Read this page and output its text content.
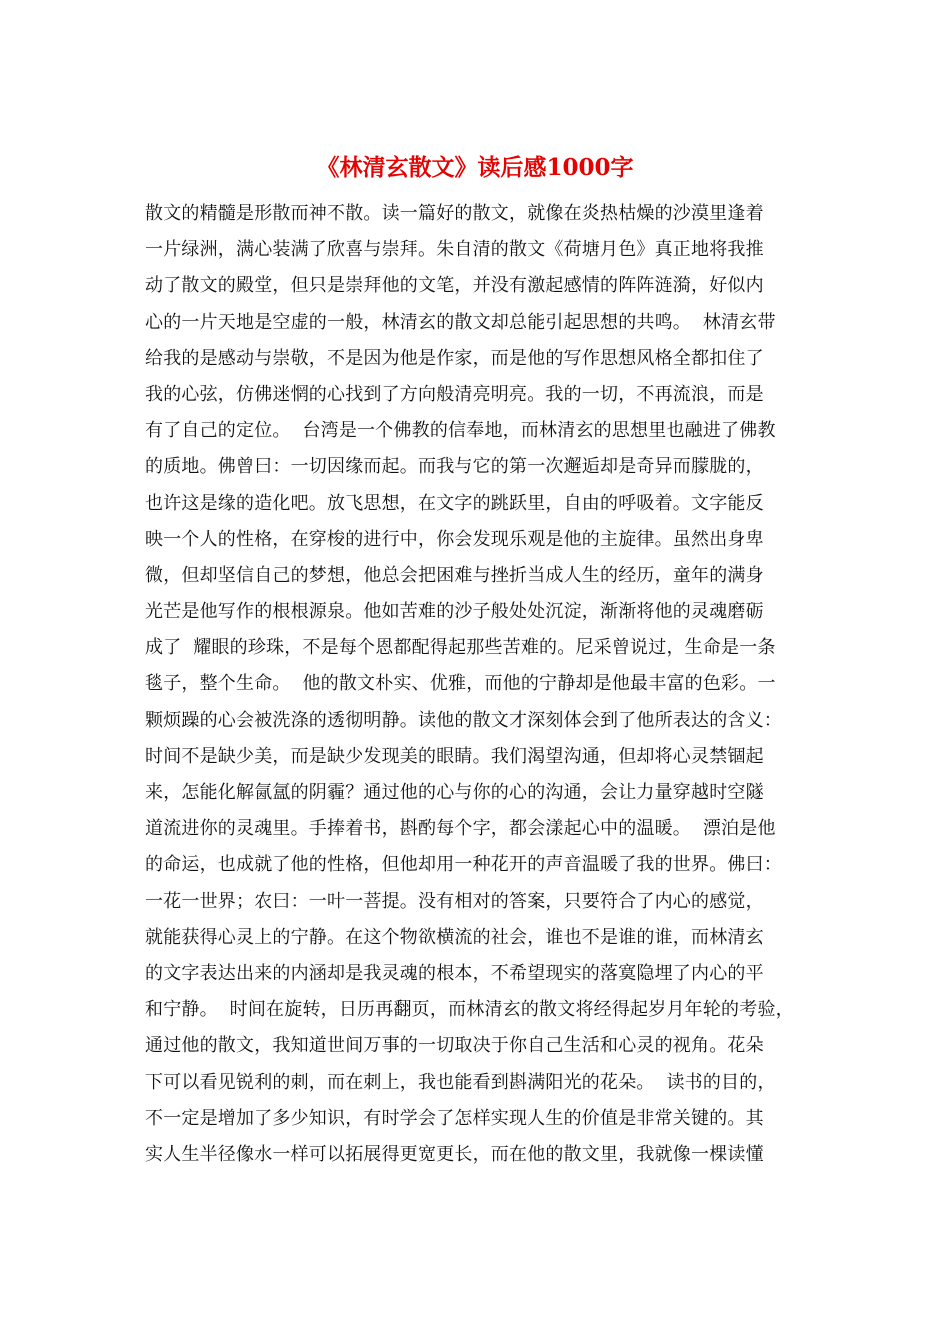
《林清玄散文》读后感1000字
散文的精髓是形散而神不散。读一篇好的散文，就像在炎热枯燥的沙漠里逢着
一片绿洲，满心装满了欣喜与崇拜。朱自清的散文《荷塘月色》真正地将我推
动了散文的殿堂，但只是崇拜他的文笔，并没有激起感情的阵阵涟漪，好似内
心的一片天地是空虚的一般，林清玄的散文却总能引起思想的共鸣。  林清玄带
给我的是感动与崇敬，不是因为他是作家，而是他的写作思想风格全都扣住了
我的心弦，仿佛迷惘的心找到了方向般清亮明亮。我的一切，不再流浪，而是
有了自己的定位。  台湾是一个佛教的信奉地，而林清玄的思想里也融进了佛教
的质地。佛曾曰：一切因缘而起。而我与它的第一次邂逅却是奇异而朦胧的，
也许这是缘的造化吧。放飞思想，在文字的跳跃里，自由的呼吸着。文字能反
映一个人的性格，在穿梭的进行中，你会发现乐观是他的主旋律。虽然出身卑
微，但却坚信自己的梦想，他总会把困难与挫折当成人生的经历，童年的满身
光芒是他写作的根根源泉。他如苦难的沙子般处处沉淀，渐渐将他的灵魂磨砺
成了  耀眼的珍珠，不是每个恩都配得起那些苦难的。尼采曾说过，生命是一条
毯子，整个生命。  他的散文朴实、优雅，而他的宁静却是他最丰富的色彩。一
颗烦躁的心会被洗涤的透彻明静。读他的散文才深刻体会到了他所表达的含义：
时间不是缺少美，而是缺少发现美的眼睛。我们渴望沟通，但却将心灵禁锢起
来，怎能化解氤氲的阴霾？通过他的心与你的心的沟通，会让力量穿越时空隧
道流进你的灵魂里。手捧着书，斟酌每个字，都会漾起心中的温暖。  漂泊是他
的命运，也成就了他的性格，但他却用一种花开的声音温暖了我的世界。佛曰：
一花一世界；农曰：一叶一菩提。没有相对的答案，只要符合了内心的感觉，
就能获得心灵上的宁静。在这个物欲横流的社会，谁也不是谁的谁，而林清玄
的文字表达出来的内涵却是我灵魂的根本，不希望现实的落寞隐埋了内心的平
和宁静。  时间在旋转，日历再翻页，而林清玄的散文将经得起岁月年轮的考验，
通过他的散文，我知道世间万事的一切取决于你自己生活和心灵的视角。花朵
下可以看见锐利的刺，而在刺上，我也能看到斟满阳光的花朵。  读书的目的，
不一定是增加了多少知识，有时学会了怎样实现人生的价值是非常关键的。其
实人生半径像水一样可以拓展得更宽更长，而在他的散文里，我就像一棵读懂
